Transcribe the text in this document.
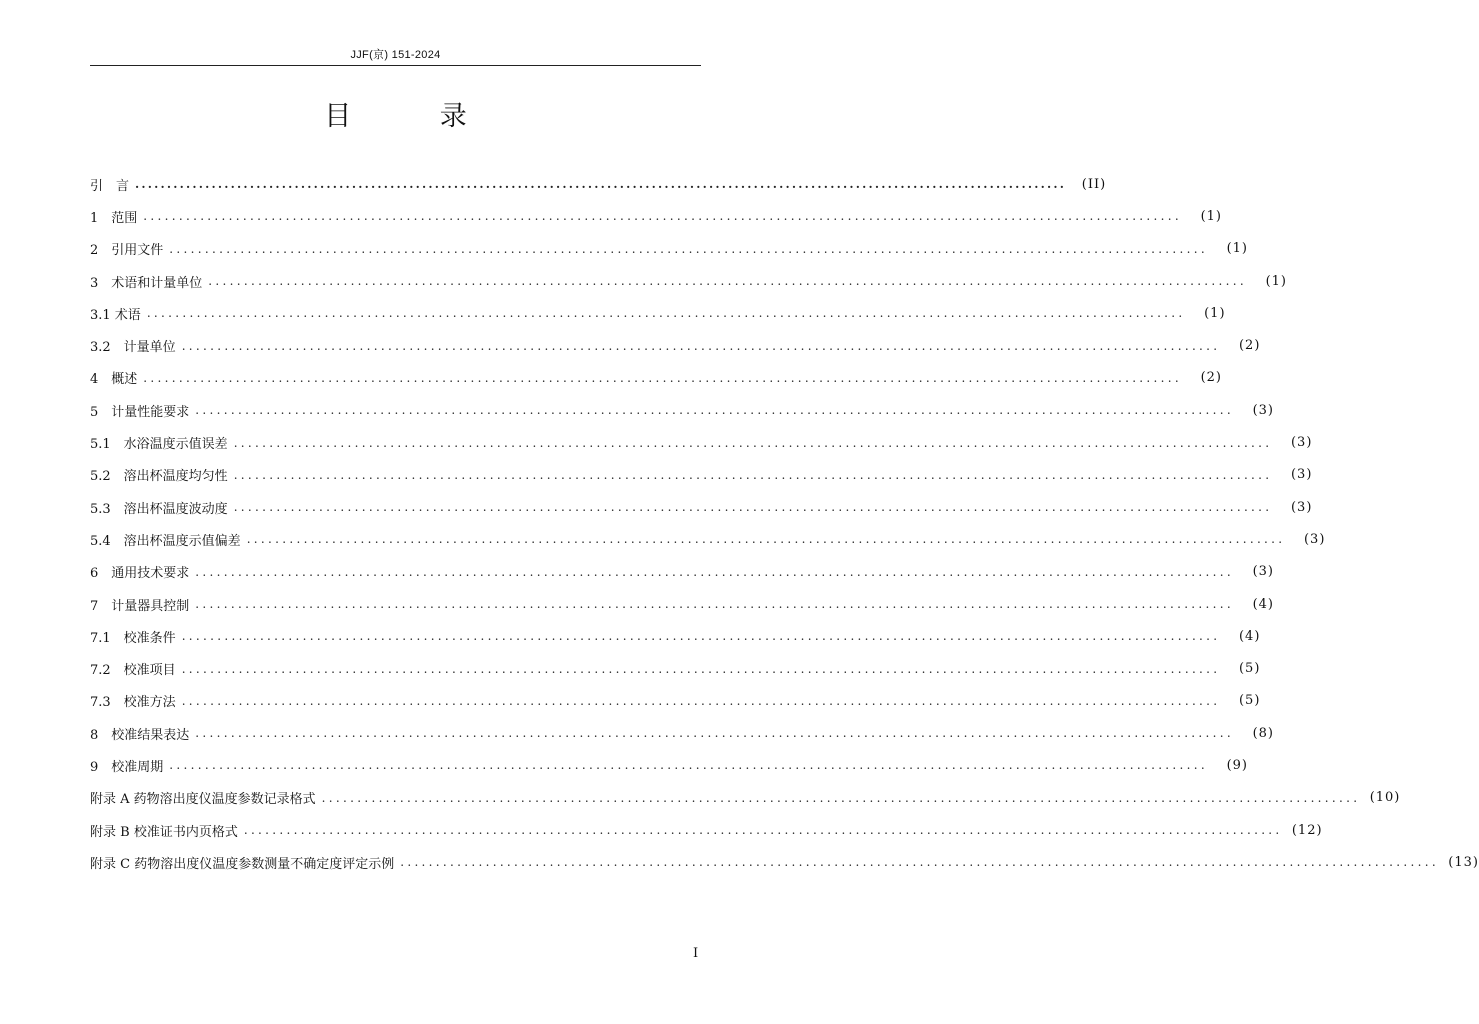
JJF(京) 151-2024
目 录
引　言 ..................................................................................................................................................	(II)
1　范围 ..................................................................................................................................................	(1)
2　引用文件 ..................................................................................................................................................	(1)
3　术语和计量单位 ..................................................................................................................................................	(1)
3.1 术语 ..................................................................................................................................................	(1)
3.2　计量单位 ..................................................................................................................................................	(2)
4　概述 ..................................................................................................................................................	(2)
5　计量性能要求 ..................................................................................................................................................	(3)
5.1　水浴温度示值误差 ..................................................................................................................................................	(3)
5.2　溶出杯温度均匀性 ..................................................................................................................................................	(3)
5.3　溶出杯温度波动度 ..................................................................................................................................................	(3)
5.4　溶出杯温度示值偏差 ..................................................................................................................................................	(3)
6　通用技术要求 ..................................................................................................................................................	(3)
7　计量器具控制 ..................................................................................................................................................	(4)
7.1　校准条件 ..................................................................................................................................................	(4)
7.2　校准项目 ..................................................................................................................................................	(5)
7.3　校准方法 ..................................................................................................................................................	(5)
8　校准结果表达 ..................................................................................................................................................	(8)
9　校准周期 ..................................................................................................................................................	(9)
附录 A 药物溶出度仪温度参数记录格式 .................................................................................................................................................. (10)
附录 B 校准证书内页格式 .................................................................................................................................................. (12)
附录 C 药物溶出度仪温度参数测量不确定度评定示例 .................................................................................................................................................. (13)
I
